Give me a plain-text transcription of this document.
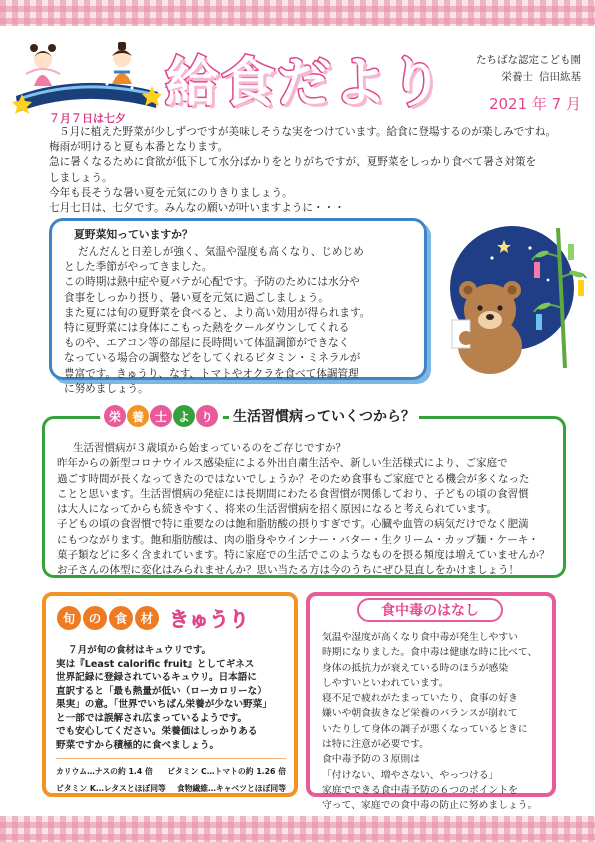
給食だより	たちばな認定こども園
栄養士 信田紘基
2021 年 7 月
７月７日は七夕

５月に植えた野菜が少しずつですが美味しそうな実をつけています。給食に登場するのが楽しみですね。

梅雨が明けると夏も本番となります。

急に暑くなるために食欲が低下して水分ばかりをとりがちですが、夏野菜をしっかり食べて暑さ対策を

しましょう。

今年も長そうな暑い夏を元気にのりきりましょう。

七月七日は、七夕です。みんなの願いが叶いますように・・・

夏野菜知っていますか？

だんだんと日差しが強く、気温や湿度も高くなり、じめじめ

とした季節がやってきました。

この時期は熱中症や夏バテが心配です。予防のためには水分や

食事をしっかり摂り、暑い夏を元気に過ごしましょう。

また夏には旬の夏野菜を食べると、より高い効用が得られます。

特に夏野菜には身体にこもった熱をクールダウンしてくれる

ものや、エアコン等の部屋に長時間いて体温調節ができなく

なっている場合の調整などをしてくれるビタミン・ミネラルが

豊富です。きゅうり、なす、トマトやオクラを食べて体調管理

に努めましょう。

生活習慣病が３歳頃から始まっているのをご存じですか？

昨年からの新型コロナウイルス感染症による外出自粛生活や、新しい生活様式により、ご家庭で

過ごす時間が長くなってきたのではないでしょうか？そのため食事もご家庭でとる機会が多くなった

ことと思います。生活習慣病の発症には長期間にわたる食習慣が関係しており、子どもの頃の食習慣

は大人になってからも続きやすく、将来の生活習慣病を招く原因になると考えられています。

子どもの頃の食習慣で特に重要なのは飽和脂肪酸の摂りすぎです。心臓や血管の病気だけでなく肥満

にもつながります。飽和脂肪酸は、肉の脂身やウインナー・バター・生クリーム・カップ麺・ケーキ・

菓子類などに多く含まれています。特に家庭での生活でこのようなものを摂る頻度は増えていませんか？

お子さんの体型に変化はみられませんか？思い当たる方は今のうちにぜひ見直しをかけましょう！

栄 養 士 よ り	生活習慣病っていくつから？

７月が旬の食材はキュウリです。

実は『Least calorific fruit』としてギネス

世界記録に登録されているキュウリ。日本語に

直訳すると「最も熱量が低い（ローカロリーな）

果実」の意。「世界でいちばん栄養が少ない野菜」

と一部では誤解され広まっているようです。

でも安心してください。栄養価はしっかりある

野菜ですから積極的に食べましょう。

カリウム…ナスの約 1.4 倍 ビタミン C…トマトの約 1.26 倍
ビタミン K…レタスとほぼ同等 食物繊維…キャベツとほぼ同等
旬	の	食	材 きゅうり

気温や湿度が高くなり食中毒が発生しやすい

時期になりました。食中毒は健康な時に比べて、

身体の抵抗力が衰えている時のほうが感染

しやすいといわれています。

寝不足で疲れがたまっていたり、食事の好き

嫌いや朝食抜きなど栄養のバランスが崩れて

いたりして身体の調子が悪くなっているときに

は特に注意が必要です。

食中毒予防の３原則は

「付けない、増やさない、やっつける」

家庭でできる食中毒予防の６つのポイントを

守って、家庭での食中毒の防止に努めましょう。

食中毒のはなし
